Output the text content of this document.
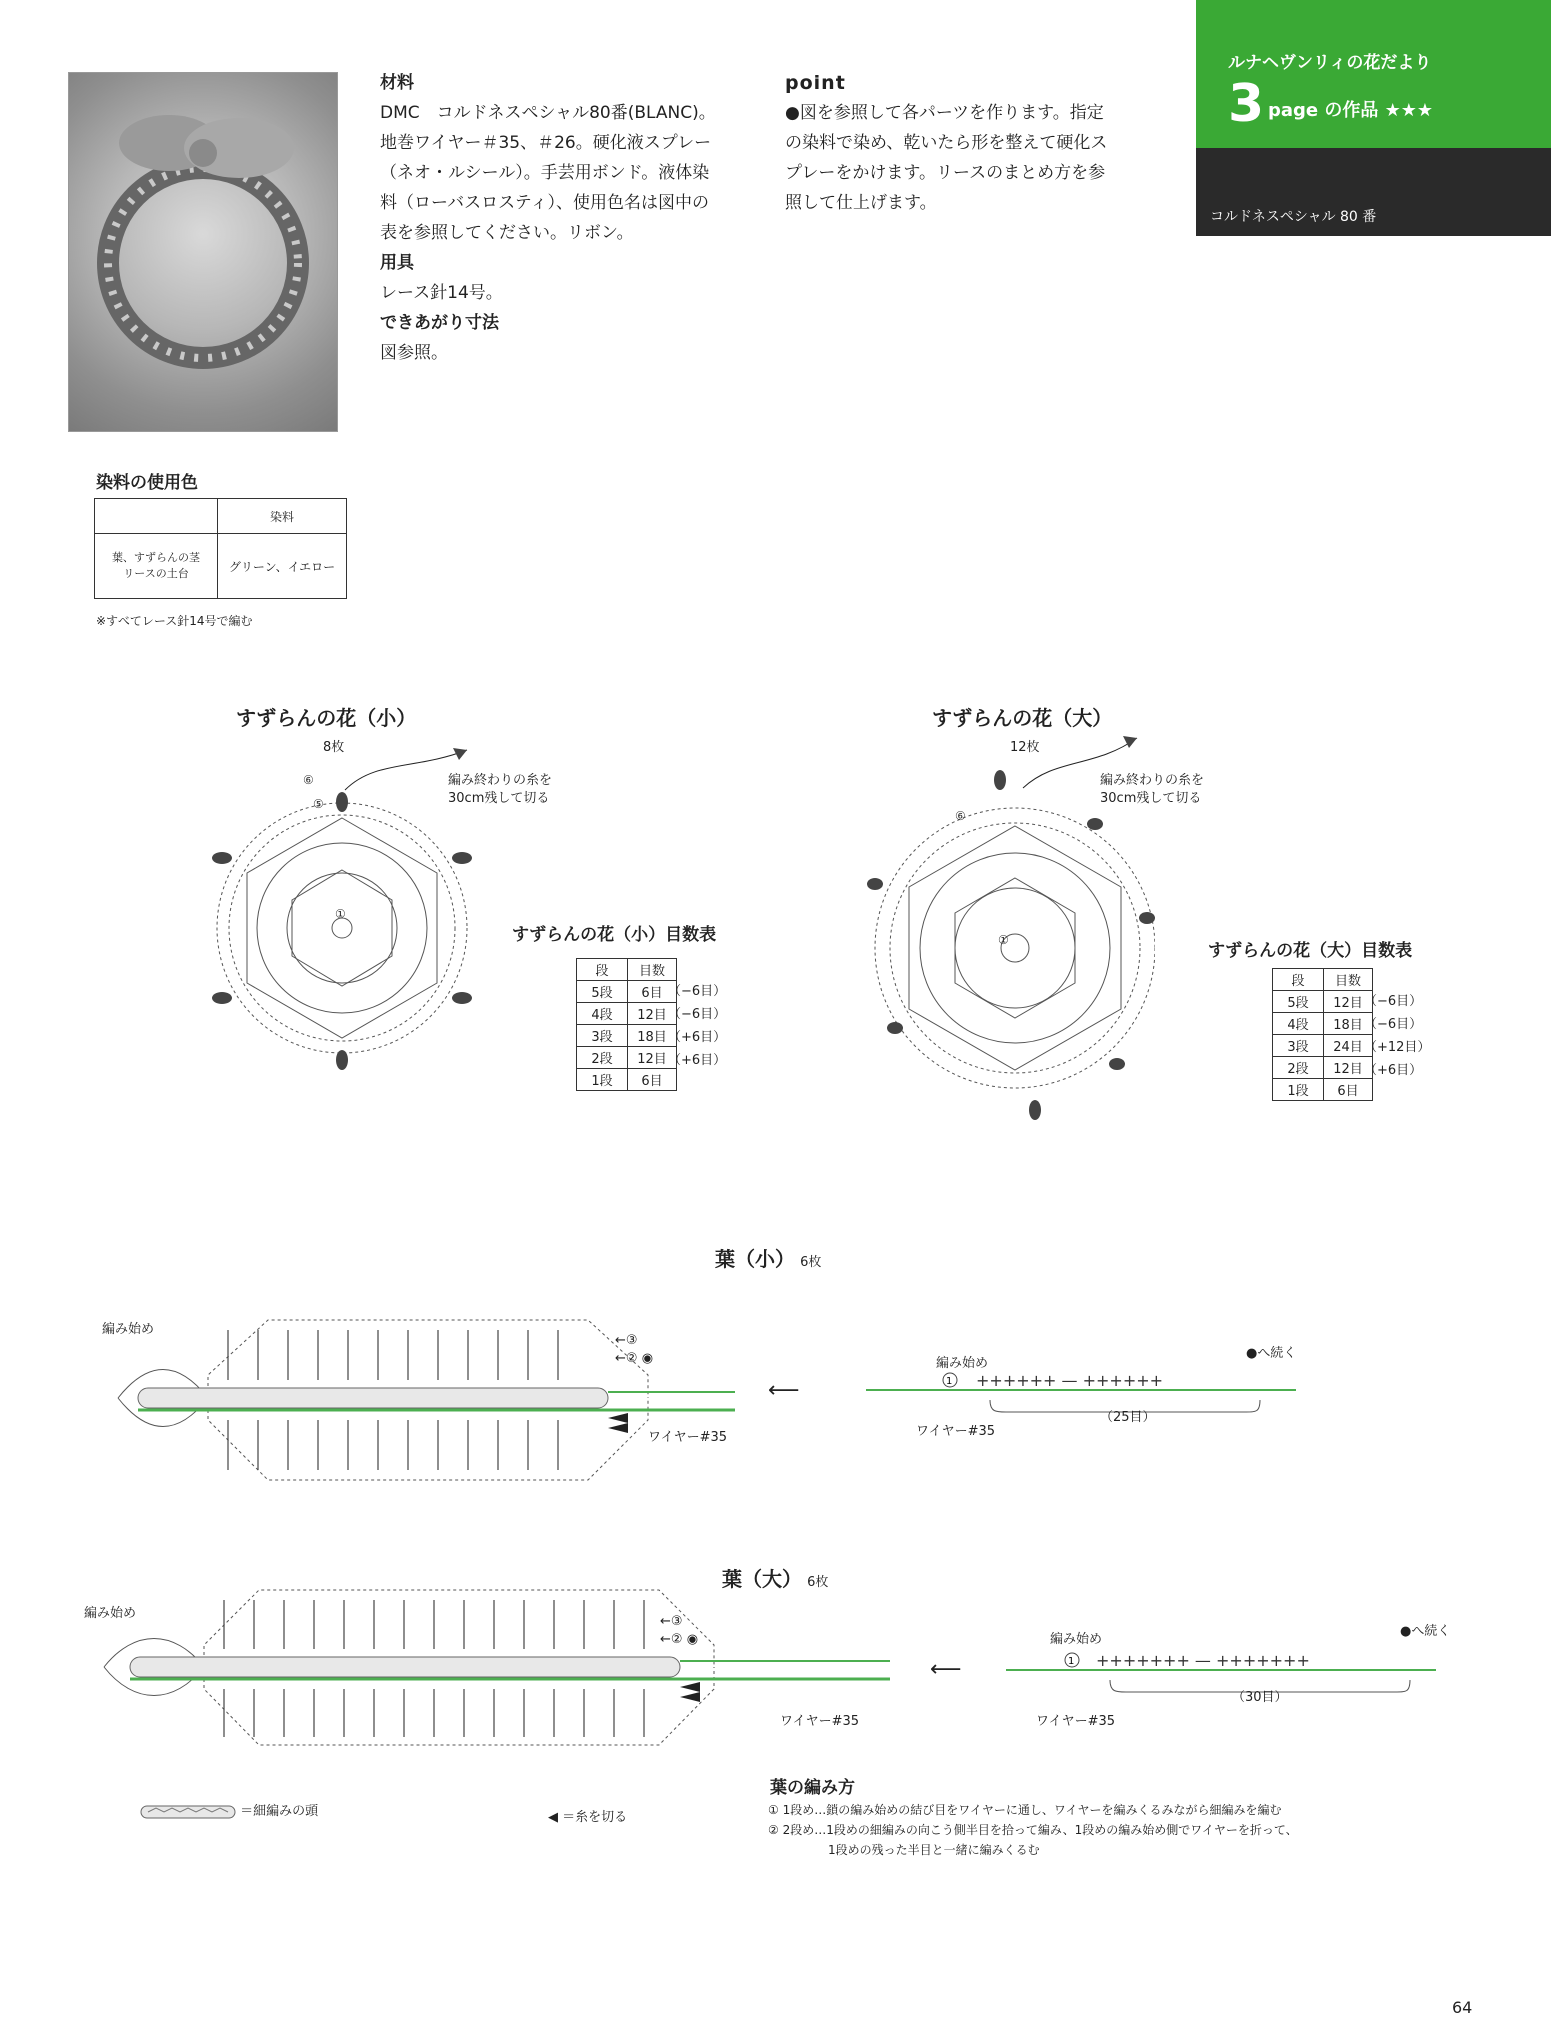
材料
DMC　コルドネスペシャル80番(BLANC)。
地巻ワイヤー＃35、＃26。硬化液スプレー
（ネオ・ルシール）。手芸用ボンド。液体染
料（ローバスロスティ）、使用色名は図中の
表を参照してください。リボン。
用具
レース針14号。
できあがり寸法
図参照。
point
●図を参照して各パーツを作ります。指定
の染料で染め、乾いたら形を整えて硬化ス
プレーをかけます。リースのまとめ方を参
照して仕上げます。
ルナヘヴンリィの花だより
3 page の作品 ★★★
コルドネスペシャル 80 番
染料の使用色
	染料

葉、すずらんの茎
リースの土台	グリーン、イエロー
※すべてレース針14号で編む
すずらんの花（小）
8枚
編み終わりの糸を
30cm残して切る
⑥
⑤
①
すずらんの花（小）目数表
段	目数
5段	6目
4段	12目
3段	18目
2段	12目
1段	6目
（−6目）
（−6目）
（+6目）
（+6目）
すずらんの花（大）
12枚
編み終わりの糸を
30cm残して切る
⑥
①
すずらんの花（大）目数表
段	目数
5段	12目
4段	18目
3段	24目
2段	12目
1段	6目
（−6目）
（−6目）
（+12目）
（+6目）
葉（小） 6枚
編み始め
←③
←② ◉
ワイヤー#35
⟵
編み始め
●へ続く
1 ++++++ — ++++++
（25目）
ワイヤー#35
葉（大） 6枚
編み始め
←③
←② ◉
ワイヤー#35
⟵
編み始め
●へ続く
1 +++++++ — +++++++
（30目）
ワイヤー#35
葉の編み方
① 1段め…鎖の編み始めの結び目をワイヤーに通し、ワイヤーを編みくるみながら細編みを編む
② 2段め…1段めの細編みの向こう側半目を拾って編み、1段めの編み始め側でワイヤーを折って、
　　　　　1段めの残った半目と一緒に編みくるむ
＝細編みの頭	◀ ＝糸を切る
64
